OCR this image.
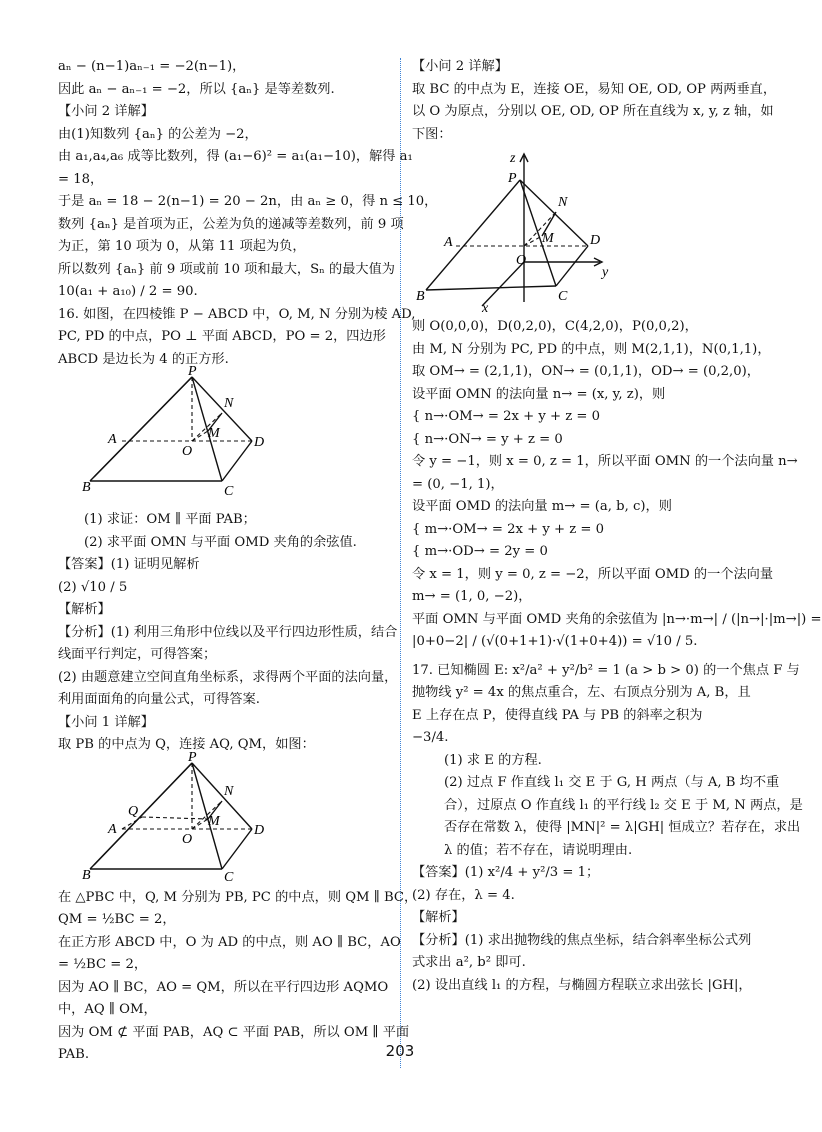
aₙ − (n−1)aₙ₋₁ = −2(n−1)，
因此 aₙ − aₙ₋₁ = −2，所以 {aₙ} 是等差数列.
【小问 2 详解】
由(1)知数列 {aₙ} 的公差为 −2，
由 a₁,a₄,a₆ 成等比数列，得 (a₁−6)² = a₁(a₁−10)，解得 a₁
= 18，
于是 aₙ = 18 − 2(n−1) = 20 − 2n，由 aₙ ≥ 0，得 n ≤ 10，
数列 {aₙ} 是首项为正，公差为负的递减等差数列，前 9 项
为正，第 10 项为 0，从第 11 项起为负，
所以数列 {aₙ} 前 9 项或前 10 项和最大，Sₙ 的最大值为
10(a₁ + a₁₀) / 2 = 90.
16. 如图，在四棱锥 P − ABCD 中，O, M, N 分别为棱 AD,
PC, PD 的中点，PO ⊥ 平面 ABCD，PO = 2，四边形
ABCD 是边长为 4 的正方形.
P
N
A	M
O
D
B	C
(1) 求证：OM ∥ 平面 PAB；
(2) 求平面 OMN 与平面 OMD 夹角的余弦值.
【答案】(1) 证明见解析
(2) √10 / 5
【解析】
【分析】(1) 利用三角形中位线以及平行四边形性质，结合
线面平行判定，可得答案；
(2) 由题意建立空间直角坐标系，求得两个平面的法向量，
利用面面角的向量公式，可得答案.
【小问 1 详解】
取 PB 的中点为 Q，连接 AQ, QM，如图：
P
N
Q
A
M
O
D
B	C
在 △PBC 中，Q, M 分别为 PB, PC 的中点，则 QM ∥ BC，
QM = ½BC = 2，
在正方形 ABCD 中，O 为 AD 的中点，则 AO ∥ BC，AO
= ½BC = 2，
因为 AO ∥ BC，AO = QM，所以在平行四边形 AQMO
中，AQ ∥ OM，
因为 OM ⊄ 平面 PAB，AQ ⊂ 平面 PAB，所以 OM ∥ 平面
PAB.
【小问 2 详解】
取 BC 的中点为 E，连接 OE，易知 OE, OD, OP 两两垂直，
以 O 为原点，分别以 OE, OD, OP 所在直线为 x, y, z 轴，如
下图：
z
P
N
A	M
O
D
y
B	C
x
则 O(0,0,0)，D(0,2,0)，C(4,2,0)，P(0,0,2)，
由 M, N 分别为 PC, PD 的中点，则 M(2,1,1)，N(0,1,1)，
取 OM→ = (2,1,1)，ON→ = (0,1,1)，OD→ = (0,2,0)，
设平面 OMN 的法向量 n→ = (x, y, z)，则
{ n→·OM→ = 2x + y + z = 0
{ n→·ON→ = y + z = 0
令 y = −1，则 x = 0, z = 1，所以平面 OMN 的一个法向量 n→
= (0, −1, 1)，
设平面 OMD 的法向量 m→ = (a, b, c)，则
{ m→·OM→ = 2x + y + z = 0
{ m→·OD→ = 2y = 0
令 x = 1，则 y = 0, z = −2，所以平面 OMD 的一个法向量
m→ = (1, 0, −2)，
平面 OMN 与平面 OMD 夹角的余弦值为 |n→·m→| / (|n→|·|m→|) =
|0+0−2| / (√(0+1+1)·√(1+0+4)) = √10 / 5.
17. 已知椭圆 E: x²/a² + y²/b² = 1 (a > b > 0) 的一个焦点 F 与
抛物线 y² = 4x 的焦点重合，左、右顶点分别为 A, B，且
E 上存在点 P，使得直线 PA 与 PB 的斜率之积为
−3/4.
(1) 求 E 的方程.
(2) 过点 F 作直线 l₁ 交 E 于 G, H 两点（与 A, B 均不重
合），过原点 O 作直线 l₁ 的平行线 l₂ 交 E 于 M, N 两点，是
否存在常数 λ，使得 |MN|² = λ|GH| 恒成立？若存在，求出
λ 的值；若不存在，请说明理由.
【答案】(1) x²/4 + y²/3 = 1；
(2) 存在，λ = 4.
【解析】
【分析】(1) 求出抛物线的焦点坐标，结合斜率坐标公式列
式求出 a², b² 即可.
(2) 设出直线 l₁ 的方程，与椭圆方程联立求出弦长 |GH|，
203
